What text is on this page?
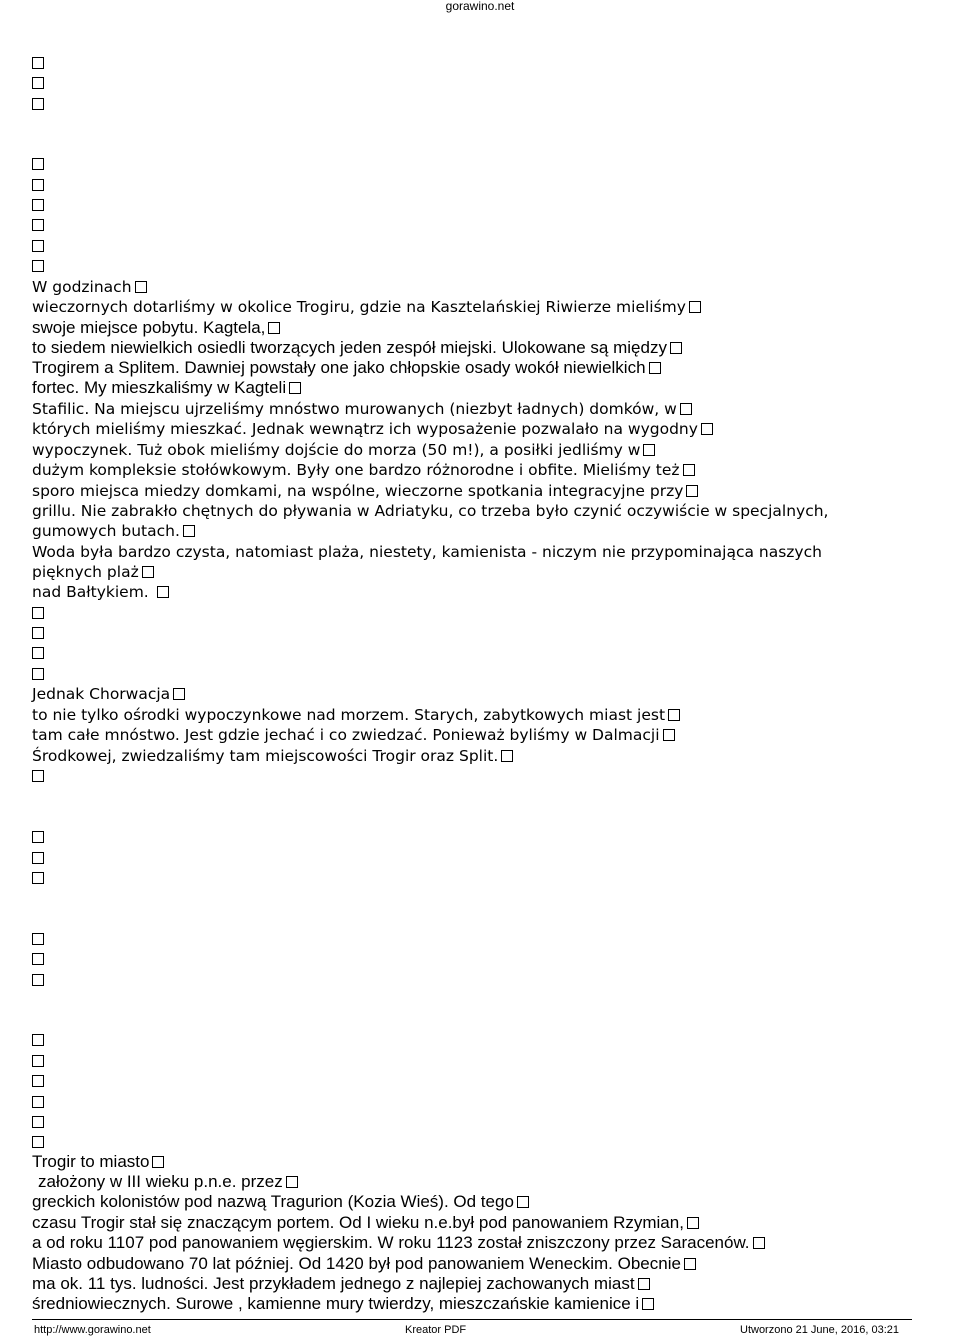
gorawino.net
W godzinach
wieczornych dotarliśmy w okolice Trogiru, gdzie na Kasztelańskiej Riwierze mieliśmy
swoje miejsce pobytu. Kagtela,
to siedem niewielkich osiedli tworzących jeden zespół miejski. Ulokowane są między
Trogirem a Splitem. Dawniej powstały one jako chłopskie osady wokół niewielkich
fortec. My mieszkaliśmy w Kagteli
Stafilic. Na miejscu ujrzeliśmy mnóstwo murowanych (niezbyt ładnych) domków, w
których mieliśmy mieszkać. Jednak wewnątrz ich wyposażenie pozwalało na wygodny
wypoczynek. Tuż obok mieliśmy dojście do morza (50 m!), a posiłki jedliśmy w
dużym kompleksie stołówkowym. Były one bardzo różnorodne i obfite. Mieliśmy też
sporo miejsca miedzy domkami, na wspólne, wieczorne spotkania integracyjne przy
grillu. Nie zabrakło chętnych do pływania w Adriatyku, co trzeba było czynić oczywiście w specjalnych,
gumowych butach.
Woda była bardzo czysta, natomiast plaża, niestety, kamienista - niczym nie przypominająca naszych
pięknych plaż
nad Bałtykiem.
Jednak Chorwacja
to nie tylko ośrodki wypoczynkowe nad morzem. Starych, zabytkowych miast jest
tam całe mnóstwo. Jest gdzie jechać i co zwiedzać. Ponieważ byliśmy w Dalmacji
Środkowej, zwiedzaliśmy tam miejscowości Trogir oraz Split.
Trogir to miasto
założony w III wieku p.n.e. przez
greckich kolonistów pod nazwą Tragurion (Kozia Wieś). Od tego
czasu Trogir stał się znaczącym portem. Od I wieku n.e.był pod panowaniem Rzymian,
a od roku 1107 pod panowaniem węgierskim. W roku 1123 został zniszczony przez Saracenów.
Miasto odbudowano 70 lat później. Od 1420 był pod panowaniem Weneckim. Obecnie
ma ok. 11 tys. ludności. Jest przykładem jednego z najlepiej zachowanych miast
średniowiecznych. Surowe , kamienne mury twierdzy, mieszczańskie kamienice i
http://www.gorawino.net	Kreator PDF	Utworzono 21 June, 2016, 03:21
